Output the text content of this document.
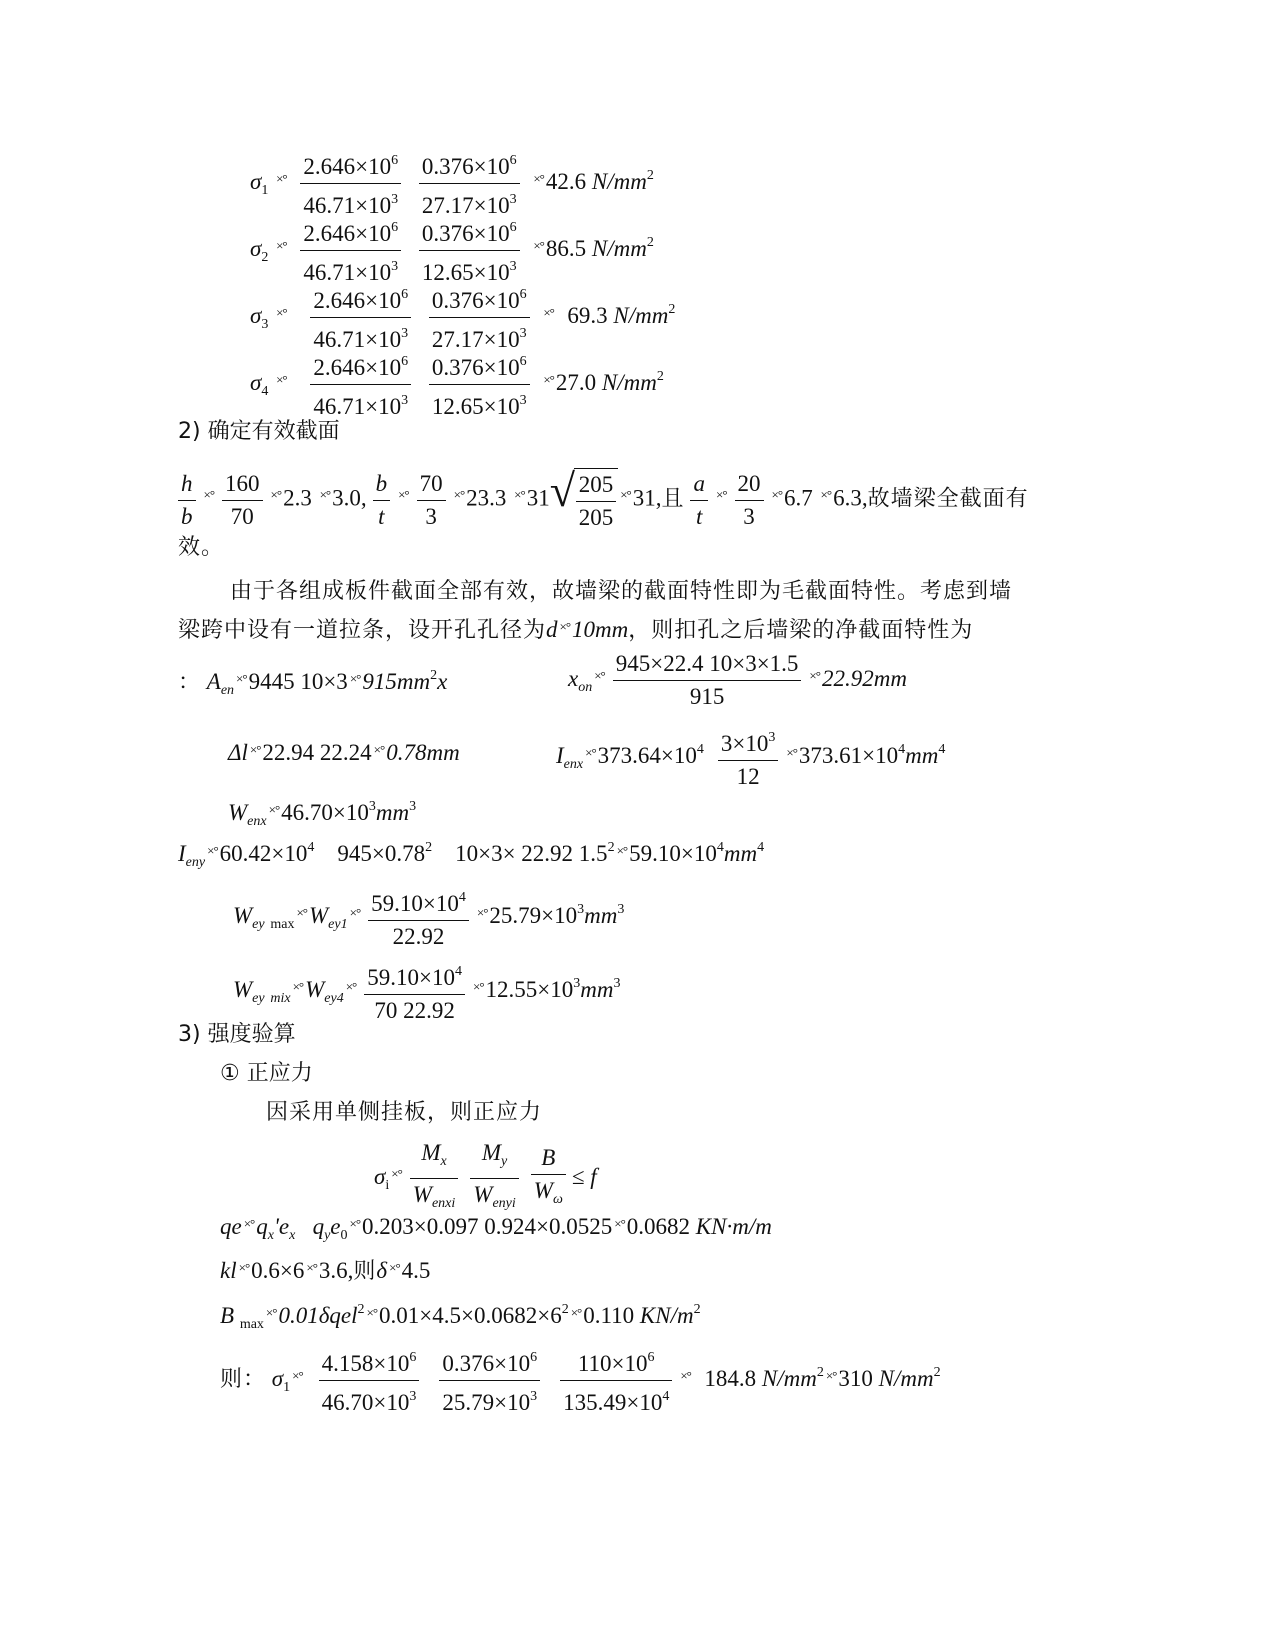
$\sigma_1$ $^{\times^\circ} \frac{2.646\times 10^6}{46.71\times 10^3}$
$\frac{0.376\times 10^6}{27.17\times 10^3} ^{\times^\circ}42.6$ $N/mm^2$
$\sigma_2$ $^{\times^\circ} \frac{2.646\times 10^6}{46.71\times 10^3}$
$\frac{0.376\times 10^6}{12.65\times 10^3} ^{\times^\circ}86.5$ $N/mm^2$
$\sigma_3$ $^{\times^\circ} \frac{2.646\times 10^6}{46.71\times 10^3}$
$\frac{0.376\times 10^6}{27.17\times 10^3} ^{\times^\circ}$ 69.3 $N/mm^2$
$\sigma_4$ $^{\times^\circ} \frac{2.646\times 10^6}{46.71\times 10^3}$
$\frac{0.376\times 10^6}{12.65\times 10^3} ^{\times^\circ}27.0$ $N/mm^2$
2) 确定有效截面
$\frac{h}{b} ^{\times^\circ} \frac{160}{70} ^{\times^\circ}2.3$ ×°3.0, $\frac{b}{t} ^{\times^\circ} \frac{70}{3} ^{\times^\circ}23.3$ ×°31 √ $\frac{205}{205} ^{\times^\circ}31$,且 $\frac{a}{t} ^{\times^\circ} \frac{20}{3} ^{\times^\circ}6.7$ ×°6.3,故墙梁全截面有
效。
由于各组成板件截面全部有效，故墙梁的截面特性即为毛截面特性。考虑到墙
梁跨中设有一道拉条，设开孔孔径为d ×°10mm，则扣孔之后墙梁的净截面特性为
： $A_{en}^{\times^\circ}9445$ 10×3 $^{\times^\circ}915mm^2x$	$x_{on}^{\times^\circ} \frac{945\times 22.4 10\times 3\times 1.5}{915} ^{\times^\circ}22.92mm$
Δl ×°22.94 22.24 ×°0.78mm	$I_{enx}^{\times^\circ}373.64\times 10^4 \frac{3\times 10^3}{12} ^{\times^\circ}373.61\times 10^4mm^4$
$W_{enx}^{\times^\circ}46.70\times 10^3mm^3$
$I_{eny}^{\times^\circ}60.42\times 10^4$ $945\times 0.78^2$ 10×3× 22.92 $1.5^2$ $^{\times^\circ}59.10\times 10^4mm^4$
$W_{ey}$ $_{max}^{\times^\circ}W_{ey1}^{\times^\circ} \frac{59.10\times 10^4}{22.92} ^{\times^\circ}25.79\times 10^3mm^3$
$W_{ey}$ $_{mix}^{\times^\circ}W_{ey4}^{\times^\circ} \frac{59.10\times 10^4}{70 22.92} ^{\times^\circ}12.55\times 10^3mm^3$
3) 强度验算
① 正应力
因采用单侧挂板，则正应力
$\sigma_i^{\times^\circ} \frac{M_x}{W_{enxi}} \frac{M_y}{W_{enyi}} \frac{B}{W_\omega} \le f$
qe $^{\times^\circ}q_x'e_x$ $q_ye_0^{\times^\circ}0.203\times 0.097$ 0.924×0.0525 ×°0.0682 KN·m/m
kl ×°0.6×6 ×°3.6,则δ ×°4.5
B $_{max}$×°0.01δqel$^2$ $^{\times^\circ}0.01\times 4.5\times 0.0682\times 6^2$ ×°0.110 $KN/m^2$
则： $\sigma_1^{\times^\circ} \frac{4.158\times 10^6}{46.70\times 10^3} \frac{0.376\times 10^6}{25.79\times 10^3} \frac{110\times 10^6}{135.49\times 10^4} ^{\times^\circ}$ 184.8 $N/mm^2$ ×°310 $N/mm^2$
